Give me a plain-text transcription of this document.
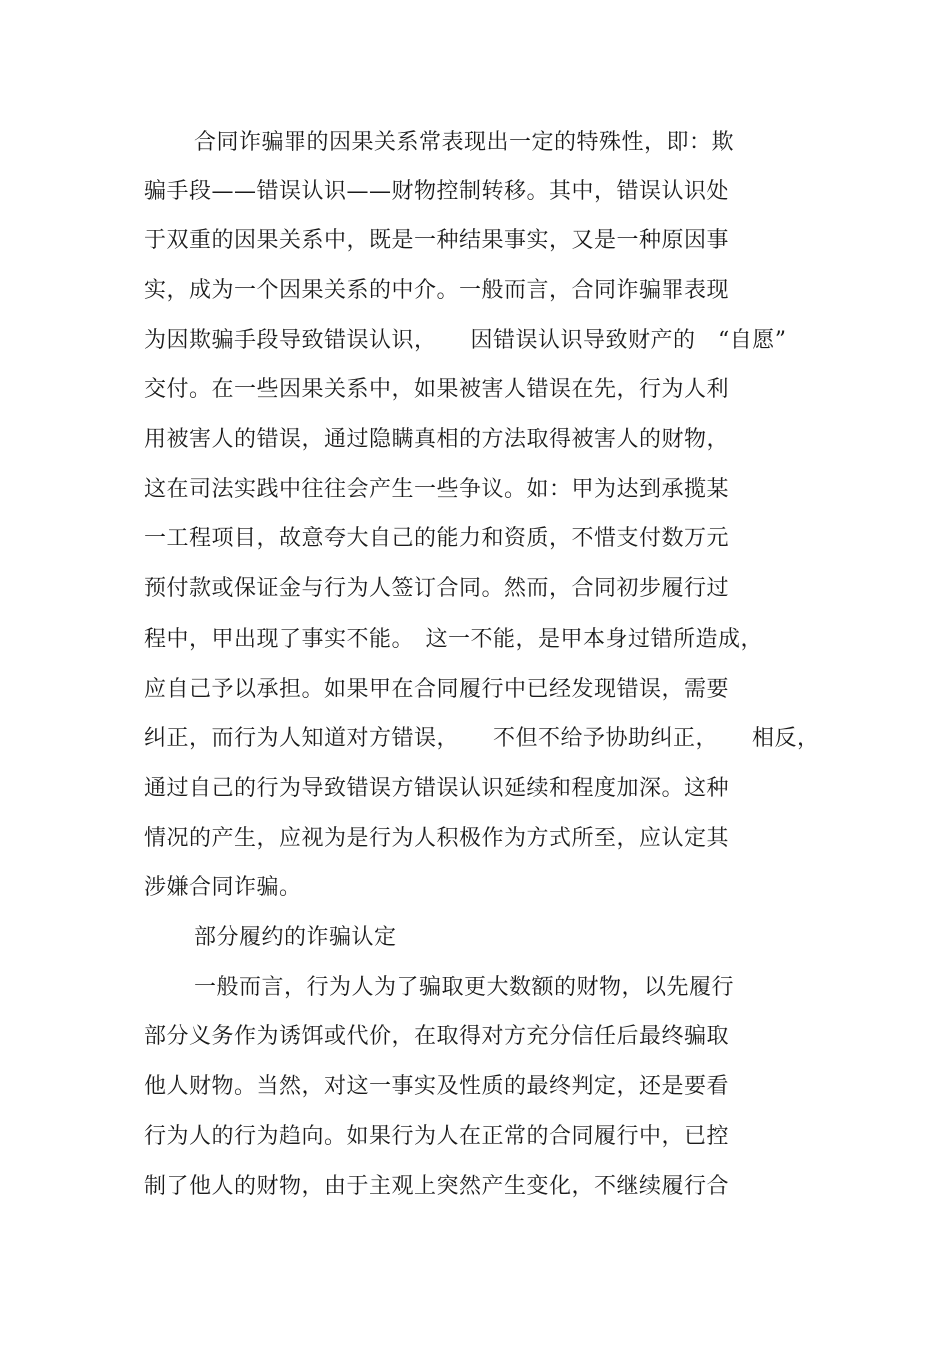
合同诈骗罪的因果关系常表现出一定的特殊性，即：欺
骗手段——错误认识——财物控制转移。其中，错误认识处
于双重的因果关系中，既是一种结果事实，又是一种原因事
实，成为一个因果关系的中介。一般而言，合同诈骗罪表现
为因欺骗手段导致错误认识，　　因错误认识导致财产的　“自愿”
交付。在一些因果关系中，如果被害人错误在先，行为人利
用被害人的错误，通过隐瞒真相的方法取得被害人的财物，
这在司法实践中往往会产生一些争议。如：甲为达到承揽某
一工程项目，故意夸大自己的能力和资质，不惜支付数万元
预付款或保证金与行为人签订合同。然而，合同初步履行过
程中，甲出现了事实不能。　这一不能，是甲本身过错所造成，
应自己予以承担。如果甲在合同履行中已经发现错误，需要
纠正，而行为人知道对方错误，　　不但不给予协助纠正，　　相反，
通过自己的行为导致错误方错误认识延续和程度加深。这种
情况的产生，应视为是行为人积极作为方式所至，应认定其
涉嫌合同诈骗。
部分履约的诈骗认定
一般而言，行为人为了骗取更大数额的财物，以先履行
部分义务作为诱饵或代价，在取得对方充分信任后最终骗取
他人财物。当然，对这一事实及性质的最终判定，还是要看
行为人的行为趋向。如果行为人在正常的合同履行中，已控
制了他人的财物，由于主观上突然产生变化，不继续履行合
